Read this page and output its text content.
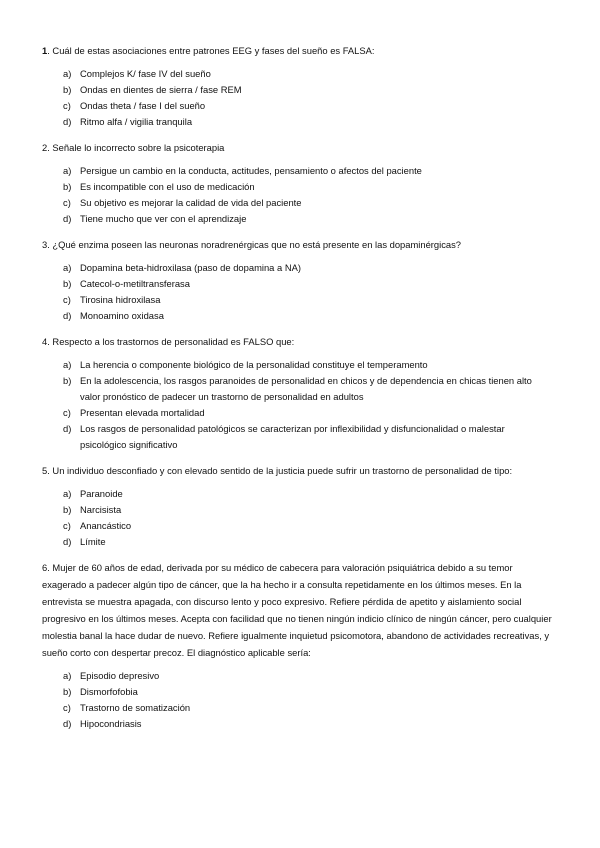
1. Cuál de estas asociaciones entre patrones EEG y fases del sueño es FALSA:
a) Complejos K/ fase IV del sueño
b) Ondas en dientes de sierra / fase REM
c) Ondas theta / fase I del sueño
d) Ritmo alfa / vigilia tranquila
2. Señale lo incorrecto sobre la psicoterapia
a) Persigue un cambio en la conducta, actitudes, pensamiento o afectos del paciente
b) Es incompatible con el uso de medicación
c) Su objetivo es mejorar la calidad de vida del paciente
d) Tiene mucho que ver con el aprendizaje
3. ¿Qué enzima poseen las neuronas noradrenérgicas que no está presente en las dopaminérgicas?
a) Dopamina beta-hidroxilasa (paso de dopamina a NA)
b) Catecol-o-metiltransferasa
c) Tirosina hidroxilasa
d) Monoamino oxidasa
4. Respecto a los trastornos de personalidad es FALSO que:
a) La herencia o componente biológico de la personalidad constituye el temperamento
b) En la adolescencia, los rasgos paranoides de personalidad en chicos y de dependencia en chicas tienen alto valor pronóstico de padecer un trastorno de personalidad en adultos
c) Presentan elevada mortalidad
d) Los rasgos de personalidad patológicos se caracterizan por inflexibilidad y disfuncionalidad o malestar psicológico significativo
5. Un individuo desconfiado y con elevado sentido de la justicia puede sufrir un trastorno de personalidad de tipo:
a) Paranoide
b) Narcisista
c) Anancástico
d) Límite
6. Mujer de 60 años de edad, derivada por su médico de cabecera para valoración psiquiátrica debido a su temor exagerado a padecer algún tipo de cáncer, que la ha hecho ir a consulta repetidamente en los últimos meses. En la entrevista se muestra apagada, con discurso lento y poco expresivo. Refiere pérdida de apetito y aislamiento social progresivo en los últimos meses. Acepta con facilidad que no tienen ningún indicio clínico de ningún cáncer, pero cualquier molestia banal la hace dudar de nuevo. Refiere igualmente inquietud psicomotora, abandono de actividades recreativas, y sueño corto con despertar precoz. El diagnóstico aplicable sería:
a) Episodio depresivo
b) Dismorfofobia
c) Trastorno de somatización
d) Hipocondriasis
